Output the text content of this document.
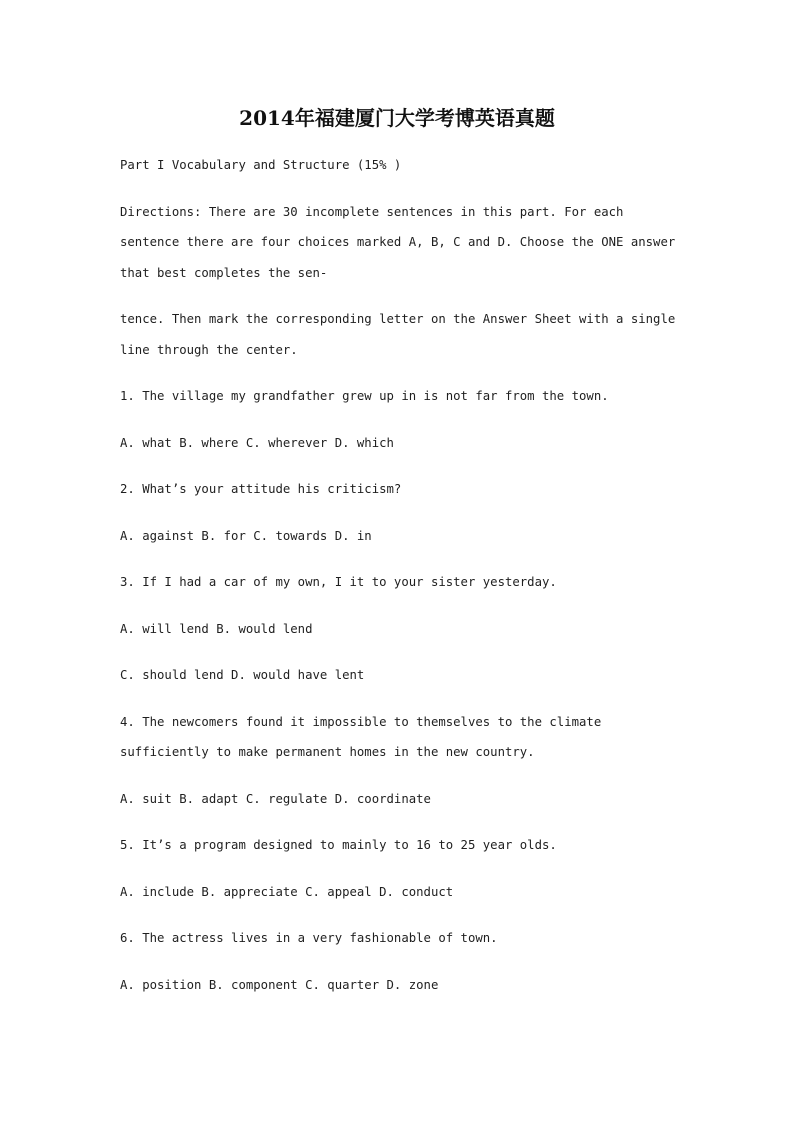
2014年福建厦门大学考博英语真题

Part I Vocabulary and Structure (15% )

Directions: There are 30 incomplete sentences in this part. For each sentence there are four choices marked A, B, C and D. Choose the ONE answer that best completes the sen-

tence. Then mark the corresponding letter on the Answer Sheet with a single line through the center.

1. The village my grandfather grew up in is not far from the town.

A. what B. where C. wherever D. which

2. What’s your attitude his criticism?

A. against B. for C. towards D. in

3. If I had a car of my own, I it to your sister yesterday.

A. will lend B. would lend

C. should lend D. would have lent

4. The newcomers found it impossible to themselves to the climate sufficiently to make permanent homes in the new country.

A. suit B. adapt C. regulate D. coordinate

5. It’s a program designed to mainly to 16 to 25 year olds.

A. include B. appreciate C. appeal D. conduct

6. The actress lives in a very fashionable of town.

A. position B. component C. quarter D. zone
